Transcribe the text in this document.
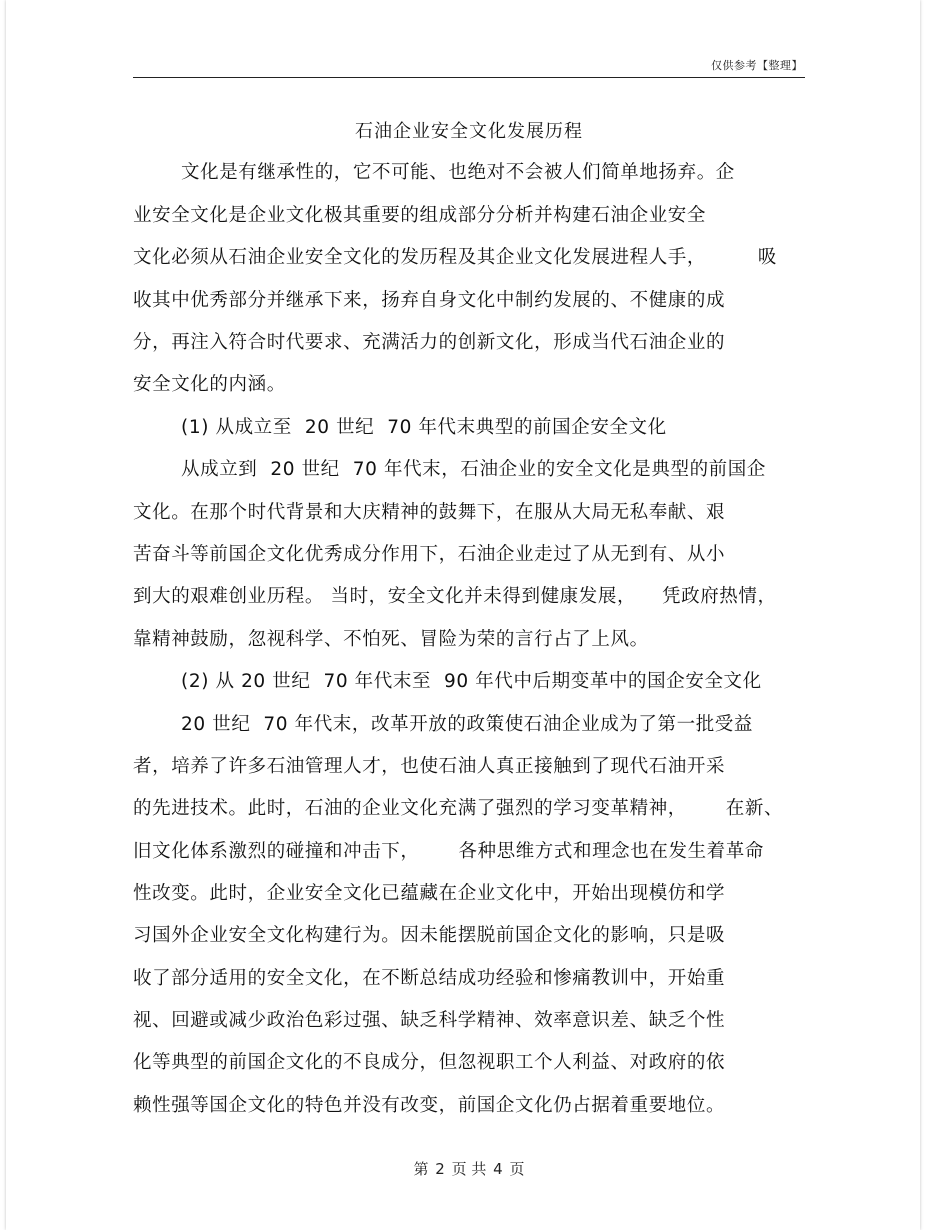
仅供参考【整理】
石油企业安全文化发展历程
文化是有继承性的，它不可能、也绝对不会被人们简单地扬弃。企
业安全文化是企业文化极其重要的组成部分分析并构建石油企业安全
文化必须从石油企业安全文化的发历程及其企业文化发展进程人手，        吸
收其中优秀部分并继承下来，扬弃自身文化中制约发展的、不健康的成
分，再注入符合时代要求、充满活力的创新文化，形成当代石油企业的
安全文化的内涵。
(1) 从成立至  20 世纪  70 年代末典型的前国企安全文化
从成立到  20 世纪  70 年代末，石油企业的安全文化是典型的前国企
文化。在那个时代背景和大庆精神的鼓舞下，在服从大局无私奉献、艰
苦奋斗等前国企文化优秀成分作用下，石油企业走过了从无到有、从小
到大的艰难创业历程。 当时，安全文化并未得到健康发展，    凭政府热情，
靠精神鼓励，忽视科学、不怕死、冒险为荣的言行占了上风。
(2) 从 20 世纪  70 年代末至  90 年代中后期变革中的国企安全文化
20 世纪  70 年代末，改革开放的政策使石油企业成为了第一批受益
者，培养了许多石油管理人才，也使石油人真正接触到了现代石油开采
的先进技术。此时，石油的企业文化充满了强烈的学习变革精神，      在新、
旧文化体系激烈的碰撞和冲击下，      各种思维方式和理念也在发生着革命
性改变。此时，企业安全文化已蕴藏在企业文化中，开始出现模仿和学
习国外企业安全文化构建行为。因未能摆脱前国企文化的影响，只是吸
收了部分适用的安全文化，在不断总结成功经验和惨痛教训中，开始重
视、回避或减少政治色彩过强、缺乏科学精神、效率意识差、缺乏个性
化等典型的前国企文化的不良成分，但忽视职工个人利益、对政府的依
赖性强等国企文化的特色并没有改变，前国企文化仍占据着重要地位。
第 2 页 共 4 页
